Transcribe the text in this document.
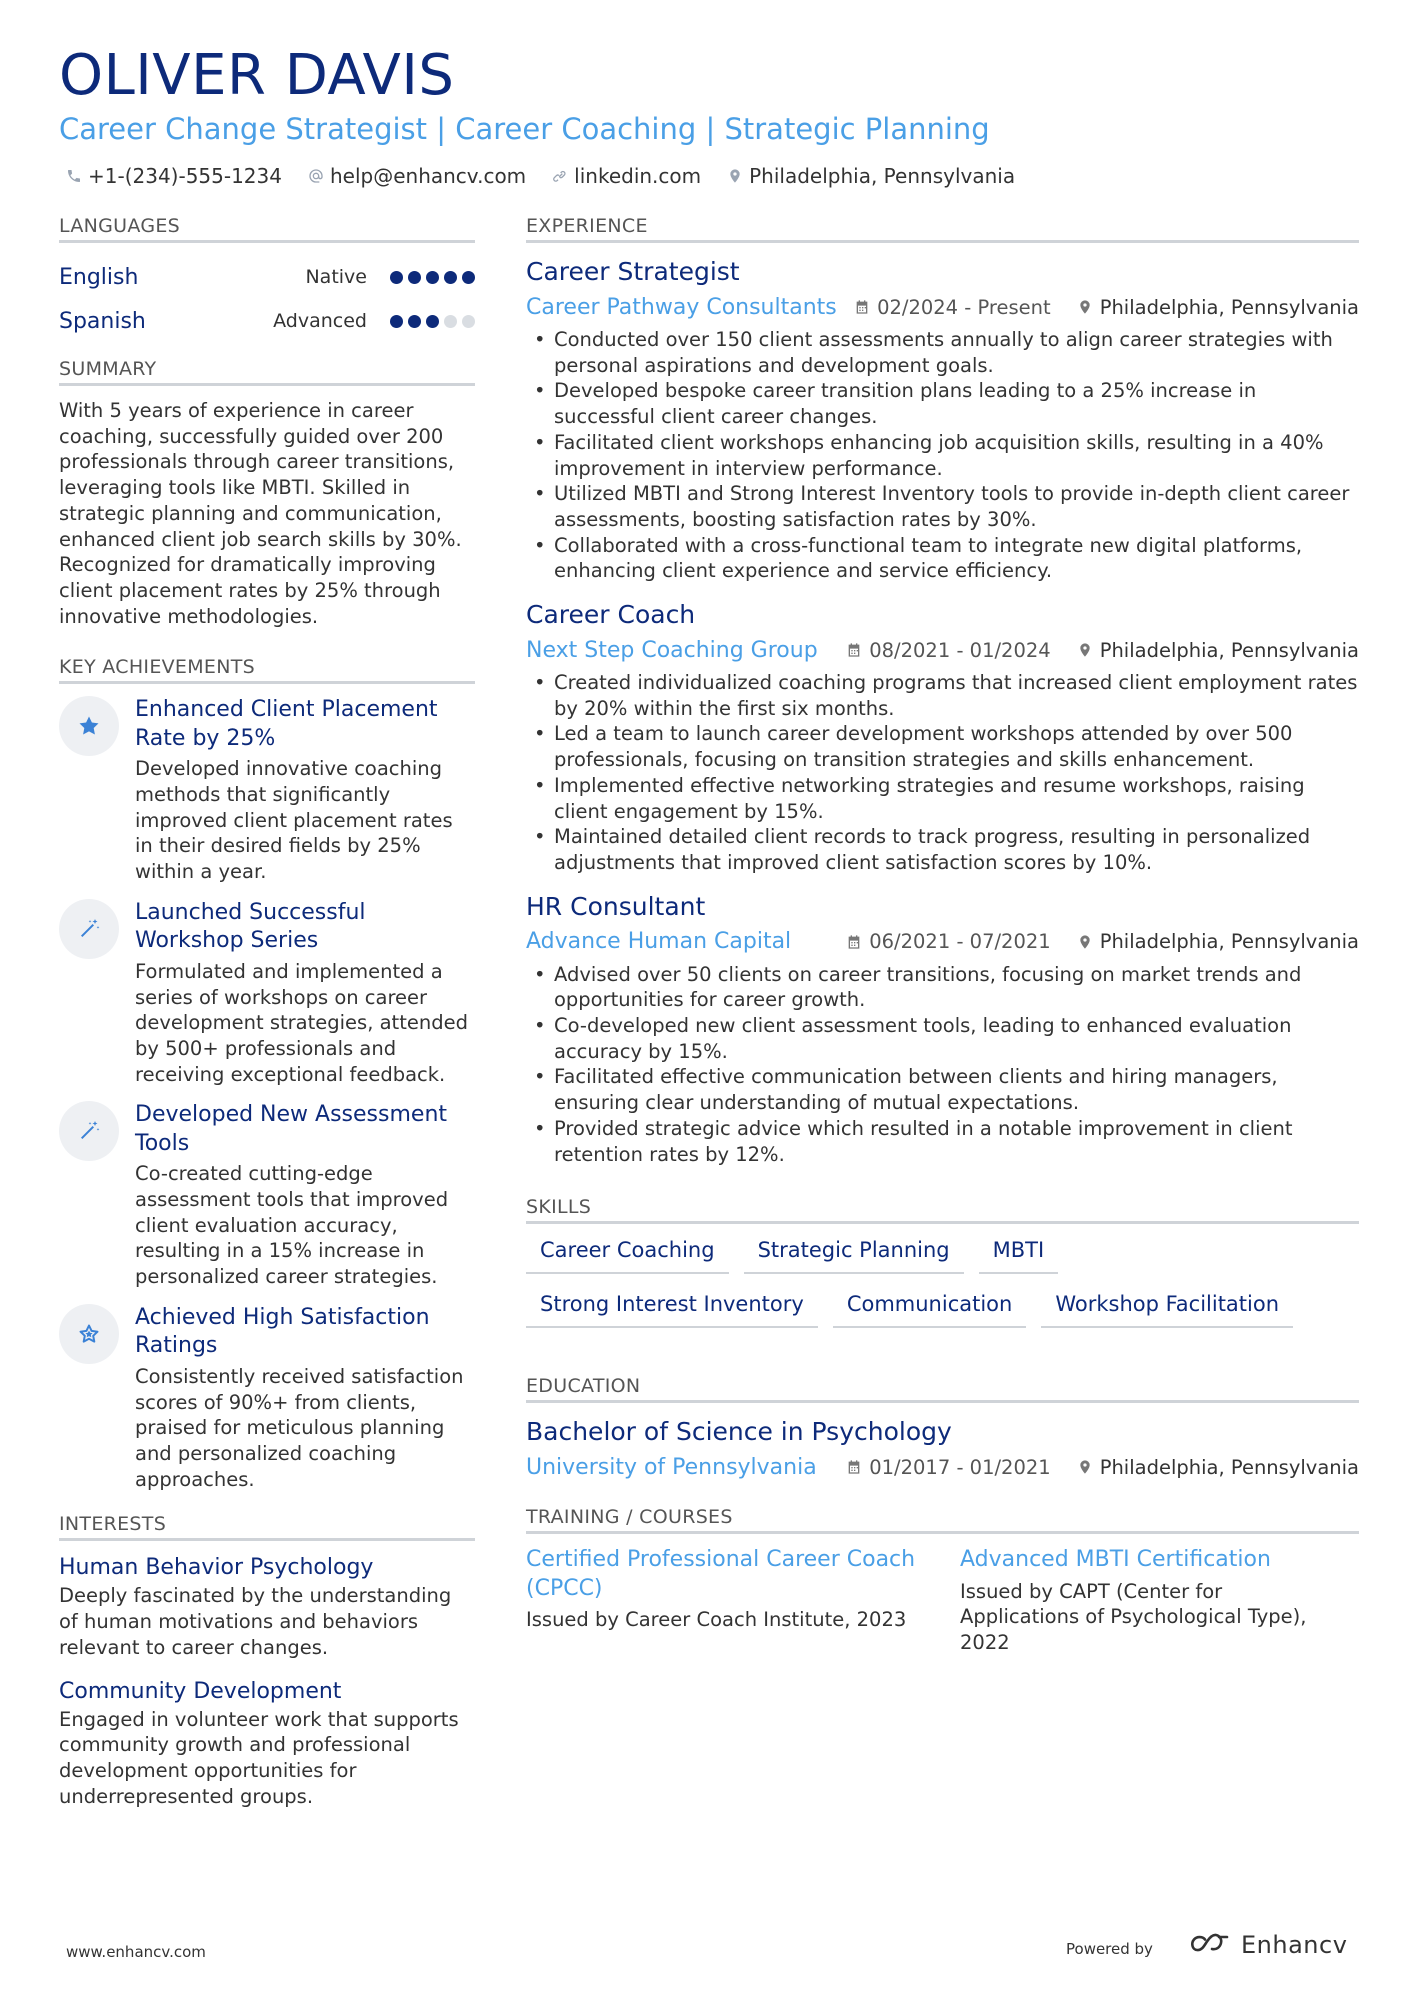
OLIVER DAVIS
Career Change Strategist | Career Coaching | Strategic Planning
+1-(234)-555-1234 help@enhancv.com linkedin.com Philadelphia, Pennsylvania
LANGUAGES
English	Native
Spanish	Advanced
SUMMARY
With 5 years of experience in career coaching, successfully guided over 200 professionals through career transitions, leveraging tools like MBTI. Skilled in strategic planning and communication, enhanced client job search skills by 30%. Recognized for dramatically improving client placement rates by 25% through innovative methodologies.
KEY ACHIEVEMENTS
Enhanced Client Placement Rate by 25%
Developed innovative coaching methods that significantly improved client placement rates in their desired fields by 25% within a year.
Launched Successful Workshop Series
Formulated and implemented a series of workshops on career development strategies, attended by 500+ professionals and receiving exceptional feedback.
Developed New Assessment Tools
Co-created cutting-edge assessment tools that improved client evaluation accuracy, resulting in a 15% increase in personalized career strategies.
Achieved High Satisfaction Ratings
Consistently received satisfaction scores of 90%+ from clients, praised for meticulous planning and personalized coaching approaches.
INTERESTS
Human Behavior Psychology
Deeply fascinated by the understanding of human motivations and behaviors relevant to career changes.
Community Development
Engaged in volunteer work that supports community growth and professional development opportunities for underrepresented groups.
EXPERIENCE
Career Strategist
Career Pathway Consultants	02/2024 - Present	Philadelphia, Pennsylvania
• Conducted over 150 client assessments annually to align career strategies with personal aspirations and development goals.
• Developed bespoke career transition plans leading to a 25% increase in successful client career changes.
• Facilitated client workshops enhancing job acquisition skills, resulting in a 40% improvement in interview performance.
• Utilized MBTI and Strong Interest Inventory tools to provide in-depth client career assessments, boosting satisfaction rates by 30%.
• Collaborated with a cross-functional team to integrate new digital platforms, enhancing client experience and service efficiency.
Career Coach
Next Step Coaching Group	08/2021 - 01/2024	Philadelphia, Pennsylvania
• Created individualized coaching programs that increased client employment rates by 20% within the first six months.
• Led a team to launch career development workshops attended by over 500 professionals, focusing on transition strategies and skills enhancement.
• Implemented effective networking strategies and resume workshops, raising client engagement by 15%.
• Maintained detailed client records to track progress, resulting in personalized adjustments that improved client satisfaction scores by 10%.
HR Consultant
Advance Human Capital	06/2021 - 07/2021	Philadelphia, Pennsylvania
• Advised over 50 clients on career transitions, focusing on market trends and opportunities for career growth.
• Co-developed new client assessment tools, leading to enhanced evaluation accuracy by 15%.
• Facilitated effective communication between clients and hiring managers, ensuring clear understanding of mutual expectations.
• Provided strategic advice which resulted in a notable improvement in client retention rates by 12%.
SKILLS
Career Coaching	Strategic Planning	MBTI
Strong Interest Inventory	Communication	Workshop Facilitation
EDUCATION
Bachelor of Science in Psychology
University of Pennsylvania	01/2017 - 01/2021	Philadelphia, Pennsylvania
TRAINING / COURSES
Certified Professional Career Coach (CPCC)
Issued by Career Coach Institute, 2023
Advanced MBTI Certification
Issued by CAPT (Center for Applications of Psychological Type), 2022
www.enhancv.com	Powered by	Enhancv
